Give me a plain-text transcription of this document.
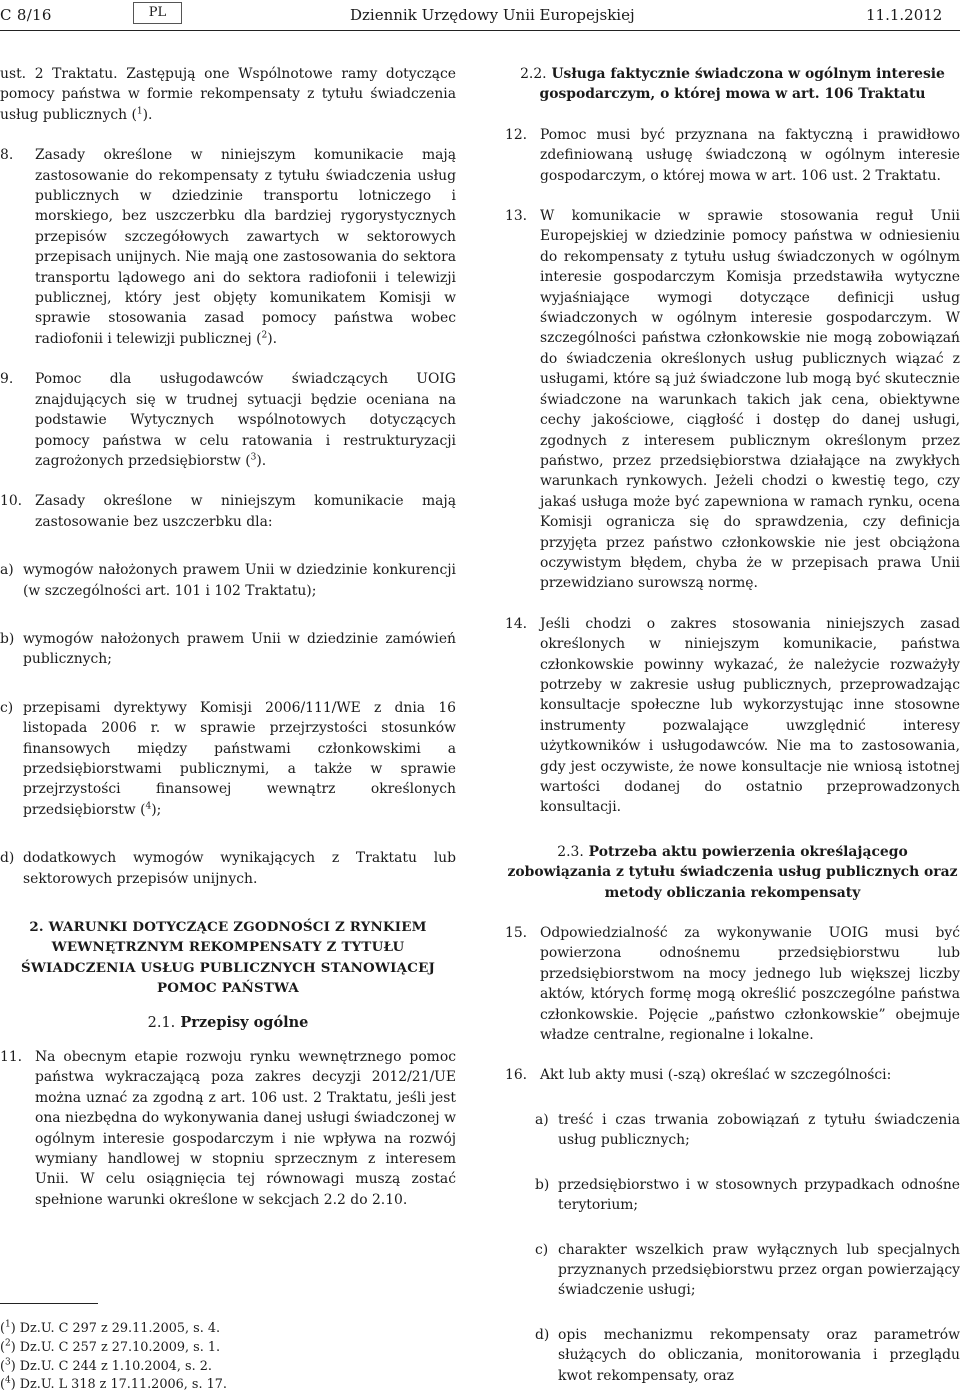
C 8/16	PL	Dziennik Urzędowy Unii Europejskiej	11.1.2012

ust. 2 Traktatu. Zastępują one Wspólnotowe ramy dotyczące pomocy państwa w formie rekompensaty z tytułu świadczenia usług publicznych ($^1$).

8. Zasady określone w niniejszym komunikacie mają zastosowanie do rekompensaty z tytułu świadczenia usług publicznych w dziedzinie transportu lotniczego i morskiego, bez uszczerbku dla bardziej rygorystycznych przepisów szczegółowych zawartych w sektorowych przepisach unijnych. Nie mają one zastosowania do sektora transportu lądowego ani do sektora radiofonii i telewizji publicznej, który jest objęty komunikatem Komisji w sprawie stosowania zasad pomocy państwa wobec radiofonii i telewizji publicznej ($^2$).
9. Pomoc dla usługodawców świadczących UOIG znajdujących się w trudnej sytuacji będzie oceniana na podstawie Wytycznych wspólnotowych dotyczących pomocy państwa w celu ratowania i restrukturyzacji zagrożonych przedsiębiorstw ($^3$).
10. Zasady określone w niniejszym komunikacie mają zastosowanie bez uszczerbku dla:
a) wymogów nałożonych prawem Unii w dziedzinie konkurencji (w szczególności art. 101 i 102 Traktatu);
b) wymogów nałożonych prawem Unii w dziedzinie zamówień publicznych;
c) przepisami dyrektywy Komisji 2006/111/WE z dnia 16 listopada 2006 r. w sprawie przejrzystości stosunków finansowych między państwami członkowskimi a przedsiębiorstwami publicznymi, a także w sprawie przejrzystości finansowej wewnątrz określonych przedsiębiorstw ($^4$);
d) dodatkowych wymogów wynikających z Traktatu lub sektorowych przepisów unijnych.
2. WARUNKI DOTYCZĄCE ZGODNOŚCI Z RYNKIEM WEWNĘTRZNYM REKOMPENSATY Z TYTUŁU ŚWIADCZENIA USŁUG PUBLICZNYCH STANOWIĄCEJ POMOC PAŃSTWA
2.1. Przepisy ogólne
11. Na obecnym etapie rozwoju rynku wewnętrznego pomoc państwa wykraczającą poza zakres decyzji 2012/21/UE można uznać za zgodną z art. 106 ust. 2 Traktatu, jeśli jest ona niezbędna do wykonywania danej usługi świadczonej w ogólnym interesie gospodarczym i nie wpływa na rozwój wymiany handlowej w stopniu sprzecznym z interesem Unii. W celu osiągnięcia tej równowagi muszą zostać spełnione warunki określone w sekcjach 2.2 do 2.10.
($^1$) Dz.U. C 297 z 29.11.2005, s. 4.
($^2$) Dz.U. C 257 z 27.10.2009, s. 1.
($^3$) Dz.U. C 244 z 1.10.2004, s. 2.
($^4$) Dz.U. L 318 z 17.11.2006, s. 17.
2.2. Usługa faktycznie świadczona w ogólnym interesie gospodarczym, o której mowa w art. 106 Traktatu
12. Pomoc musi być przyznana na faktyczną i prawidłowo zdefiniowaną usługę świadczoną w ogólnym interesie gospodarczym, o której mowa w art. 106 ust. 2 Traktatu.
13. W komunikacie w sprawie stosowania reguł Unii Europejskiej w dziedzinie pomocy państwa w odniesieniu do rekompensaty z tytułu usług świadczonych w ogólnym interesie gospodarczym Komisja przedstawiła wytyczne wyjaśniające wymogi dotyczące definicji usług świadczonych w ogólnym interesie gospodarczym. W szczególności państwa członkowskie nie mogą zobowiązań do świadczenia określonych usług publicznych wiązać z usługami, które są już świadczone lub mogą być skutecznie świadczone na warunkach takich jak cena, obiektywne cechy jakościowe, ciągłość i dostęp do danej usługi, zgodnych z interesem publicznym określonym przez państwo, przez przedsiębiorstwa działające na zwykłych warunkach rynkowych. Jeżeli chodzi o kwestię tego, czy jakaś usługa może być zapewniona w ramach rynku, ocena Komisji ogranicza się do sprawdzenia, czy definicja przyjęta przez państwo członkowskie nie jest obciążona oczywistym błędem, chyba że w przepisach prawa Unii przewidziano surowszą normę.
14. Jeśli chodzi o zakres stosowania niniejszych zasad określonych w niniejszym komunikacie, państwa członkowskie powinny wykazać, że należycie rozważyły potrzeby w zakresie usług publicznych, przeprowadzając konsultacje społeczne lub wykorzystując inne stosowne instrumenty pozwalające uwzględnić interesy użytkowników i usługodawców. Nie ma to zastosowania, gdy jest oczywiste, że nowe konsultacje nie wniosą istotnej wartości dodanej do ostatnio przeprowadzonych konsultacji.
2.3. Potrzeba aktu powierzenia określającego zobowiązania z tytułu świadczenia usług publicznych oraz metody obliczania rekompensaty
15. Odpowiedzialność za wykonywanie UOIG musi być powierzona odnośnemu przedsiębiorstwu lub przedsiębiorstwom na mocy jednego lub większej liczby aktów, których formę mogą określić poszczególne państwa członkowskie. Pojęcie „państwo członkowskie” obejmuje władze centralne, regionalne i lokalne.
16. Akt lub akty musi (-szą) określać w szczególności:
a) treść i czas trwania zobowiązań z tytułu świadczenia usług publicznych;
b) przedsiębiorstwo i w stosownych przypadkach odnośne terytorium;
c) charakter wszelkich praw wyłącznych lub specjalnych przyznanych przedsiębiorstwu przez organ powierzający świadczenie usługi;
d) opis mechanizmu rekompensaty oraz parametrów służących do obliczania, monitorowania i przeglądu kwot rekompensaty, oraz
